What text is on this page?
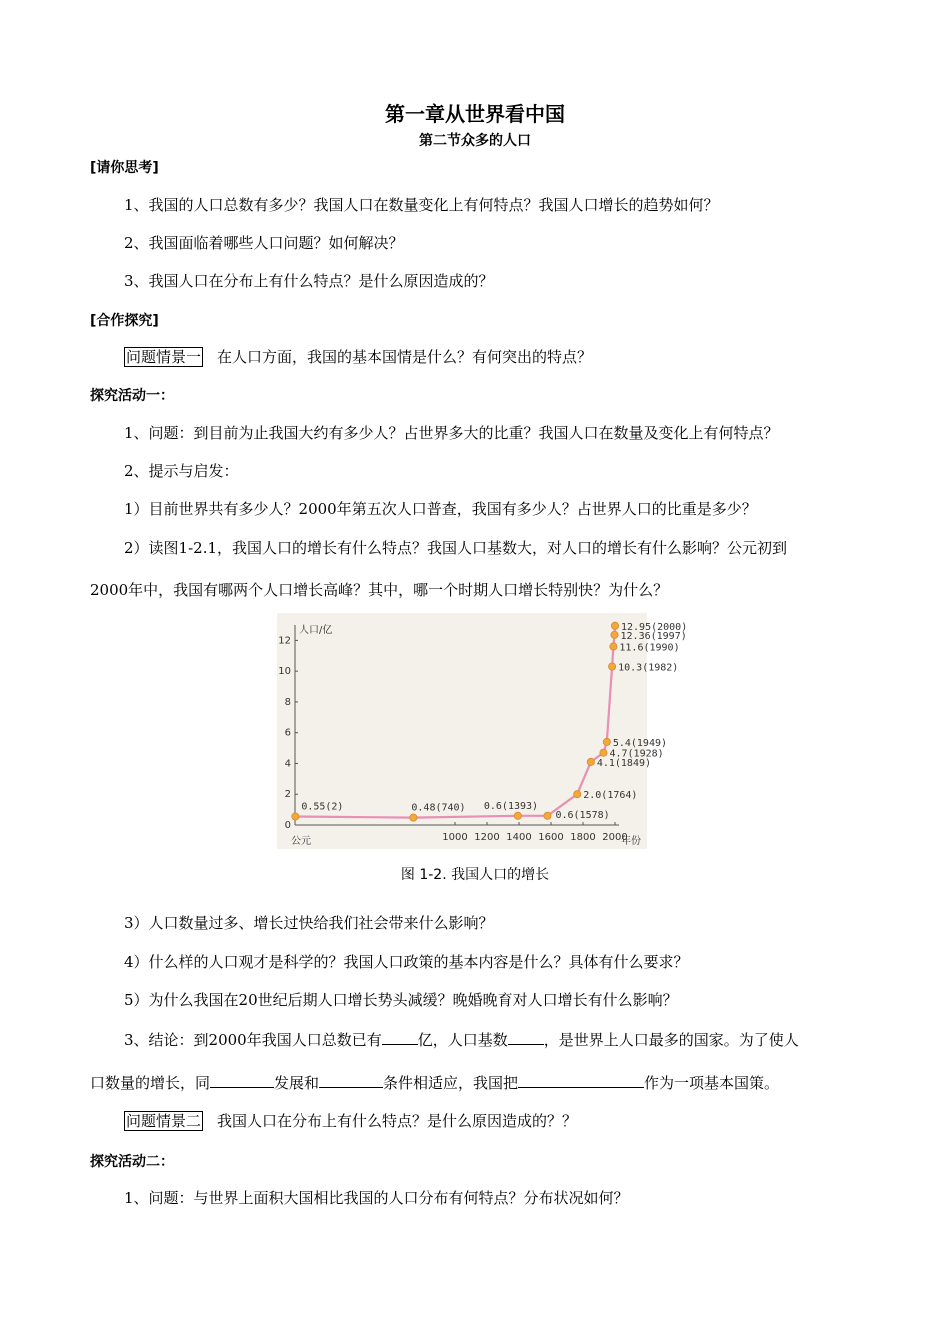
第一章从世界看中国
第二节众多的人口
[请你思考]
1、我国的人口总数有多少？我国人口在数量变化上有何特点？我国人口增长的趋势如何？
2、我国面临着哪些人口问题？如何解决？
3、我国人口在分布上有什么特点？是什么原因造成的？
[合作探究]
问题情景一 在人口方面，我国的基本国情是什么？有何突出的特点？
探究活动一：
1、问题：到目前为止我国大约有多少人？占世界多大的比重？我国人口在数量及变化上有何特点？
2、提示与启发：
1）目前世界共有多少人？2000年第五次人口普查，我国有多少人？占世界人口的比重是多少？
2）读图1-2.1，我国人口的增长有什么特点？我国人口基数大，对人口的增长有什么影响？公元初到
2000年中，我国有哪两个人口增长高峰？其中，哪一个时期人口增长特别快？为什么？
人口/亿
公元	年份
0
2
4
6
8
10
12
1000 1200 1400 1600 1800 2000
0.55(2)	0.48(740) 0.6(1393)
0.6(1578)
2.0(1764)
4.1(1849)
4.7(1928)
5.4(1949)
10.3(1982)
11.6(1990)
12.36(1997)
12.95(2000)
图 1-2. 我国人口的增长
3）人口数量过多、增长过快给我们社会带来什么影响？
4）什么样的人口观才是科学的？我国人口政策的基本内容是什么？具体有什么要求？
5）为什么我国在20世纪后期人口增长势头减缓？晚婚晚育对人口增长有什么影响？
3、结论：到2000年我国人口总数已有 亿，人口基数 ，是世界上人口最多的国家。为了使人
口数量的增长，同	发展和	条件相适应，我国把	作为一项基本国策。
问题情景二 我国人口在分布上有什么特点？是什么原因造成的？？
探究活动二：
1、问题：与世界上面积大国相比我国的人口分布有何特点？分布状况如何？
